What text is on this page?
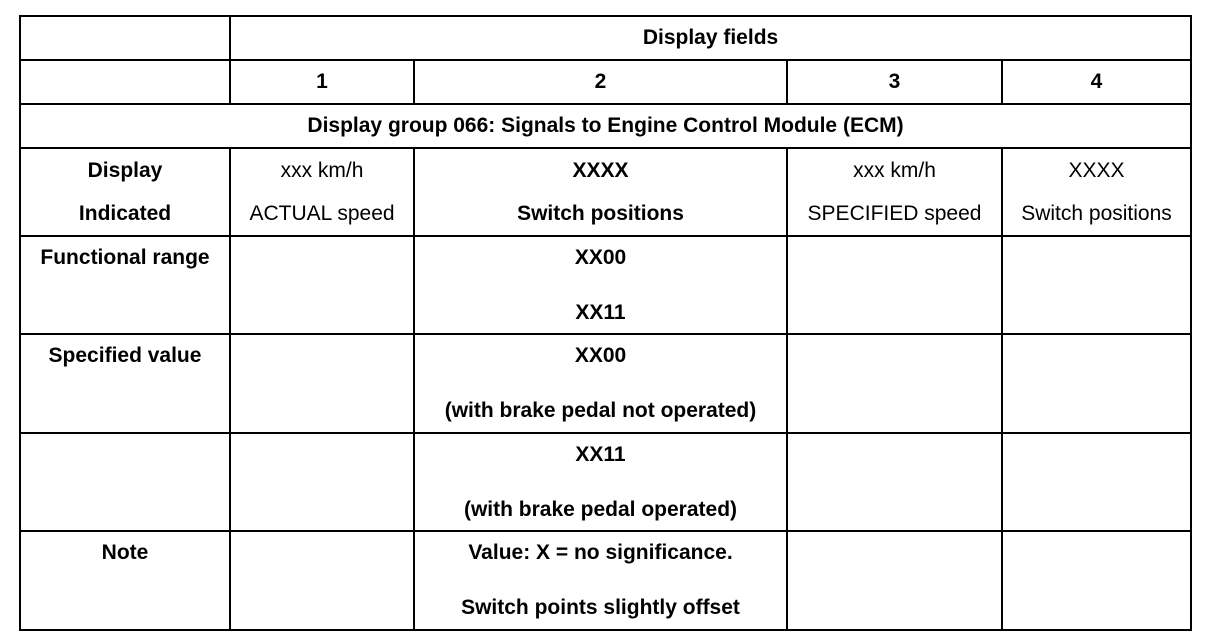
	Display fields			
	1	2	3	4
Display group 066: Signals to Engine Control Module (ECM)				
Display	xxx km/h	XXXX	xxx km/h	XXXX
Indicated	ACTUAL speed	Switch positions	SPECIFIED speed	Switch positions
Functional range		XX00
XX11		

Specified value		XX00
(with brake pedal not operated)		

		XX11
(with brake pedal operated)		

Note		Value: X = no significance.
Switch points slightly offset		
